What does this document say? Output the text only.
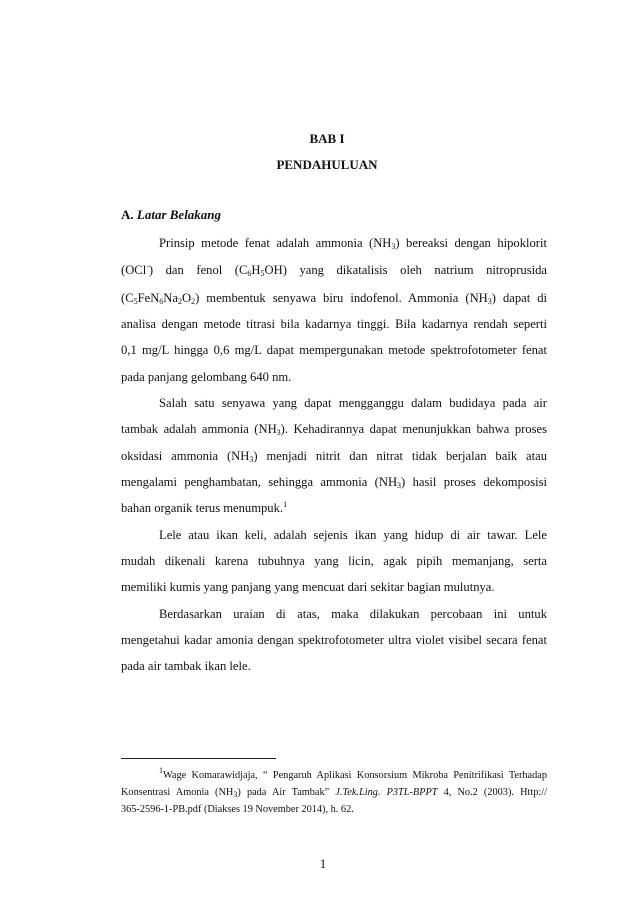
BAB I
PENDAHULUAN
A. Latar Belakang
Prinsip metode fenat adalah ammonia $(NH_3)$ bereaksi dengan hipoklorit
(OCl-) dan fenol $(C_6H_5OH)$ yang dikatalisis oleh natrium nitroprusida
$(C_5FeN_6Na_2O_2)$ membentuk senyawa biru indofenol. Ammonia $(NH_3)$ dapat di
analisa dengan metode titrasi bila kadarnya tinggi. Bila kadarnya rendah seperti
0,1 mg/L hingga 0,6 mg/L dapat mempergunakan metode spektrofotometer fenat
pada panjang gelombang 640 nm.
Salah satu senyawa yang dapat mengganggu dalam budidaya pada air
tambak adalah ammonia $(NH_3)$. Kehadirannya dapat menunjukkan bahwa proses
oksidasi ammonia $(NH_3)$ menjadi nitrit dan nitrat tidak berjalan baik atau
mengalami penghambatan, sehingga ammonia $(NH_3)$ hasil proses dekomposisi
bahan organik terus menumpuk.$^1$
Lele atau ikan keli, adalah sejenis ikan yang hidup di air tawar. Lele
mudah dikenali karena tubuhnya yang licin, agak pipih memanjang, serta
memiliki kumis yang panjang yang mencuat dari sekitar bagian mulutnya.
Berdasarkan uraian di atas, maka dilakukan percobaan ini untuk
mengetahui kadar amonia dengan spektrofotometer ultra violet visibel secara fenat
pada air tambak ikan lele.
$^1$Wage Komarawidjaja, “ Pengaruh Aplikasi Konsorsium Mikroba Penitrifikasi Terhadap
Konsentrasi Amonia $(NH_3)$ pada Air Tambak” J.Tek.Ling. P3TL-BPPT 4, No.2 (2003). Http://
365-2596-1-PB.pdf (Diakses 19 November 2014), h. 62.
1
